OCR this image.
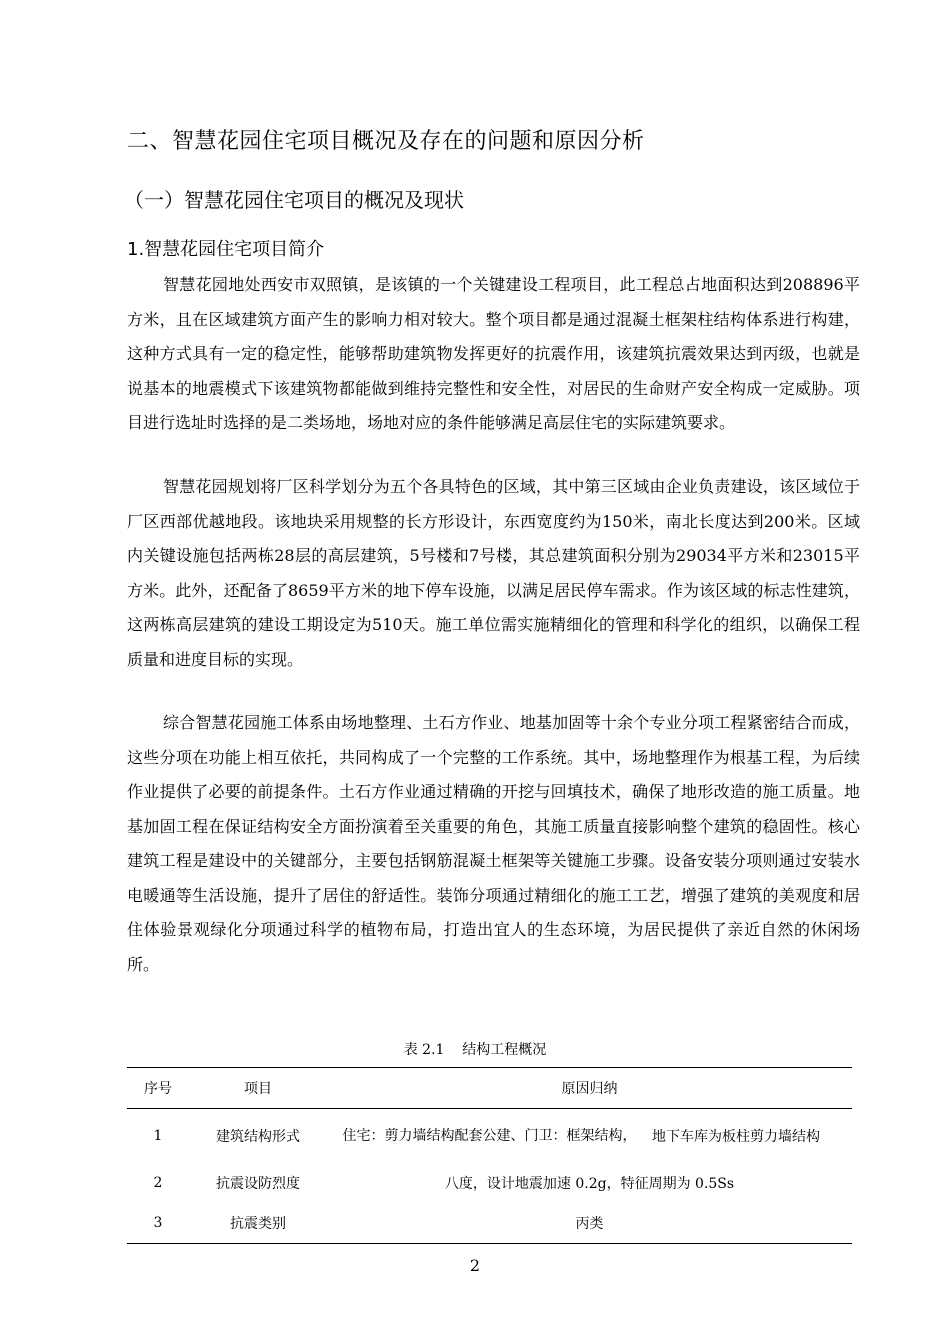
二、智慧花园住宅项目概况及存在的问题和原因分析
（一）智慧花园住宅项目的概况及现状
1.智慧花园住宅项目简介

智慧花园地处西安市双照镇，是该镇的一个关键建设工程项目，此工程总占地面积达到208896平方米，且在区域建筑方面产生的影响力相对较大。整个项目都是通过混凝土框架柱结构体系进行构建，这种方式具有一定的稳定性，能够帮助建筑物发挥更好的抗震作用，该建筑抗震效果达到丙级，也就是说基本的地震模式下该建筑物都能做到维持完整性和安全性，对居民的生命财产安全构成一定威胁。项目进行选址时选择的是二类场地，场地对应的条件能够满足高层住宅的实际建筑要求。

智慧花园规划将厂区科学划分为五个各具特色的区域，其中第三区域由企业负责建设，该区域位于厂区西部优越地段。该地块采用规整的长方形设计，东西宽度约为150米，南北长度达到200米。区域内关键设施包括两栋28层的高层建筑，5号楼和7号楼，其总建筑面积分别为29034平方米和23015平方米。此外，还配备了8659平方米的地下停车设施，以满足居民停车需求。作为该区域的标志性建筑，这两栋高层建筑的建设工期设定为510天。施工单位需实施精细化的管理和科学化的组织，以确保工程质量和进度目标的实现。

综合智慧花园施工体系由场地整理、土石方作业、地基加固等十余个专业分项工程紧密结合而成，这些分项在功能上相互依托，共同构成了一个完整的工作系统。其中，场地整理作为根基工程，为后续作业提供了必要的前提条件。土石方作业通过精确的开挖与回填技术，确保了地形改造的施工质量。地基加固工程在保证结构安全方面扮演着至关重要的角色，其施工质量直接影响整个建筑的稳固性。核心建筑工程是建设中的关键部分，主要包括钢筋混凝土框架等关键施工步骤。设备安装分项则通过安装水电暖通等生活设施，提升了居住的舒适性。装饰分项通过精细化的施工工艺，增强了建筑的美观度和居住体验景观绿化分项通过科学的植物布局，打造出宜人的生态环境，为居民提供了亲近自然的休闲场所。

表 2.1    结构工程概况
序号	项目	原因归纳	
1	建筑结构形式	住宅：剪力墙结构配套公建、门卫：框架结构，	地下车库为板柱剪力墙结构
2	抗震设防烈度	八度，设计地震加速 0.2g，特征周期为 0.5Ss	
3	抗震类别	丙类	
2
